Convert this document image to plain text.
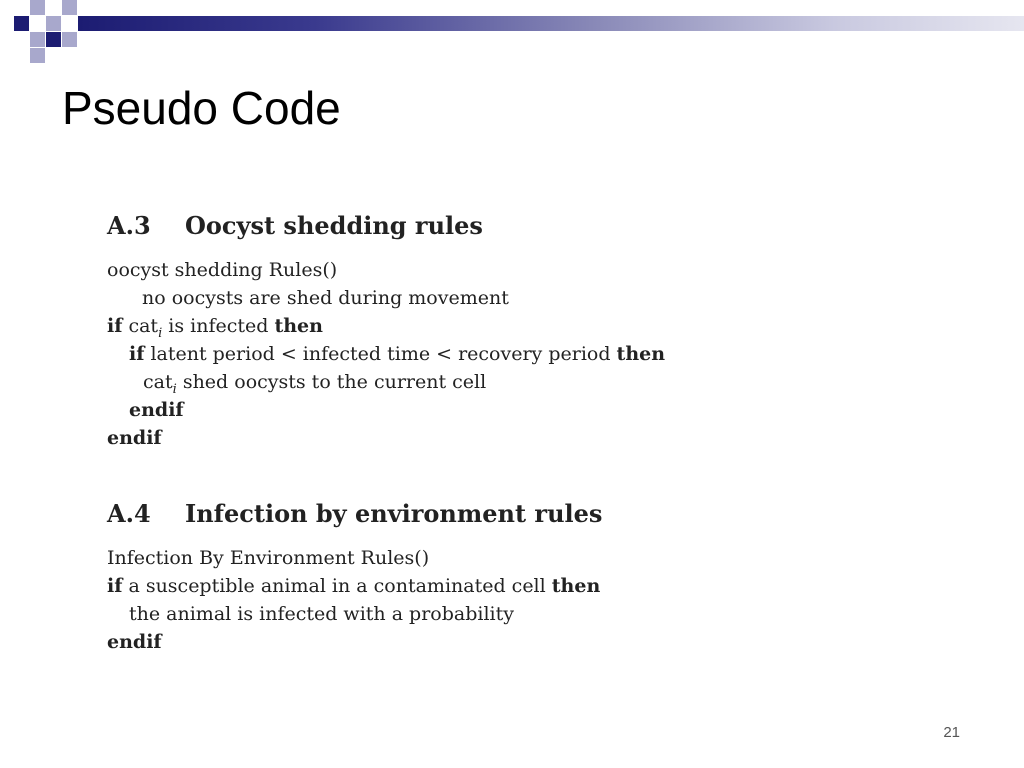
Pseudo Code
A.3 Oocyst shedding rules
oocyst shedding Rules()
no oocysts are shed during movement
if cat$_i$ is infected then
if latent period < infected time < recovery period then
cat$_i$ shed oocysts to the current cell
endif
endif
A.4 Infection by environment rules
Infection By Environment Rules()
if a susceptible animal in a contaminated cell then
the animal is infected with a probability
endif
21
